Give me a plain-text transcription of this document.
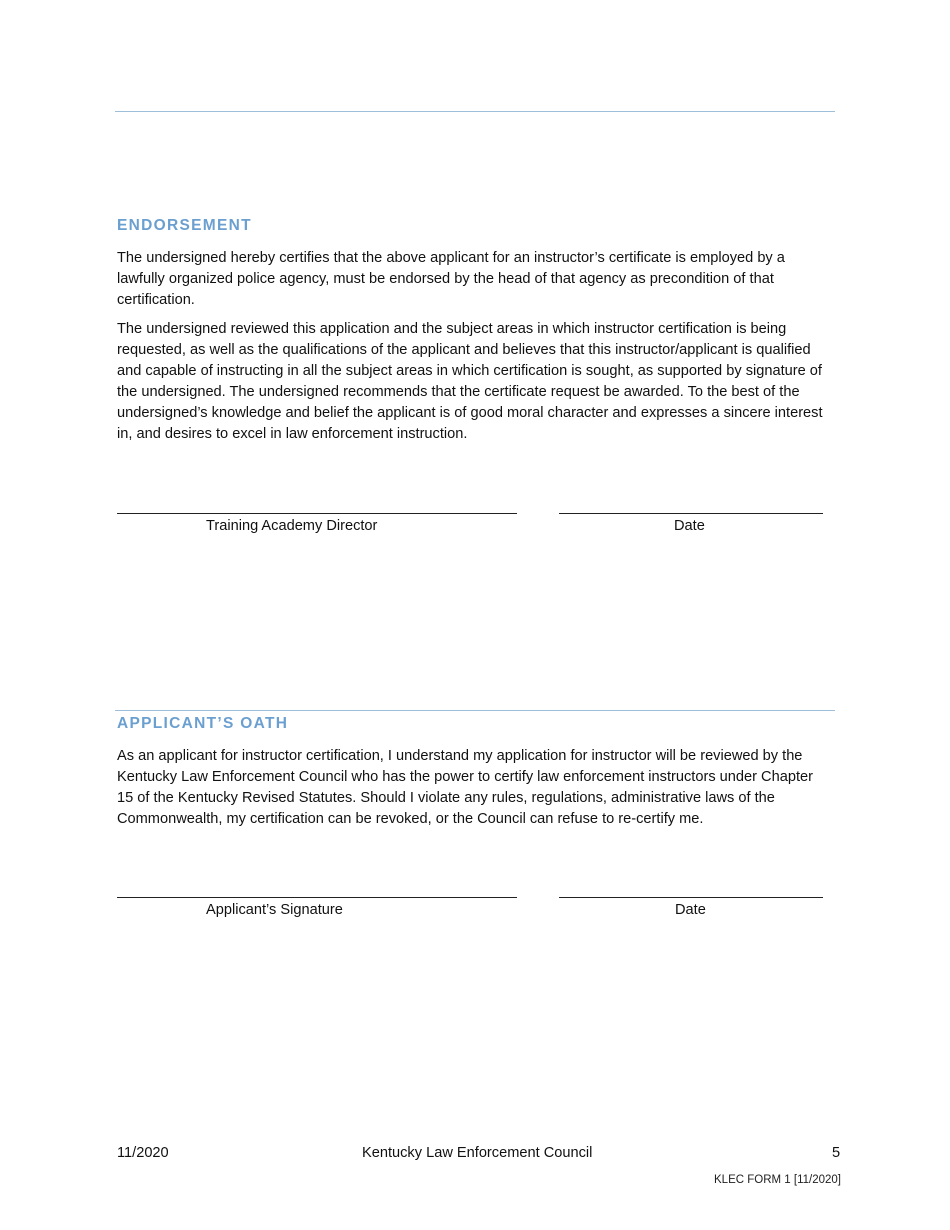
ENDORSEMENT

The undersigned hereby certifies that the above applicant for an instructor’s certificate is employed by a lawfully organized police agency, must be endorsed by the head of that agency as precondition of that certification.

The undersigned reviewed this application and the subject areas in which instructor certification is being requested, as well as the qualifications of the applicant and believes that this instructor/applicant is qualified and capable of instructing in all the subject areas in which certification is sought, as supported by signature of the undersigned. The undersigned recommends that the certificate request be awarded. To the best of the undersigned’s knowledge and belief the applicant is of good moral character and expresses a sincere interest in, and desires to excel in law enforcement instruction.

Training Academy Director	Date
APPLICANT’S OATH

As an applicant for instructor certification, I understand my application for instructor will be reviewed by the Kentucky Law Enforcement Council who has the power to certify law enforcement instructors under Chapter 15 of the Kentucky Revised Statutes. Should I violate any rules, regulations, administrative laws of the Commonwealth, my certification can be revoked, or the Council can refuse to re-certify me.

Applicant’s Signature	Date
11/2020	Kentucky Law Enforcement Council	5
KLEC FORM 1 [11/2020]
